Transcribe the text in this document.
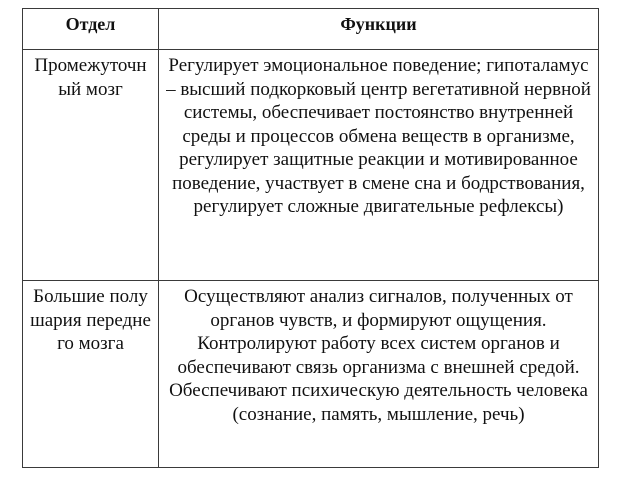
Отдел	Функции
Промежуточный мозг	Регулирует эмоциональное поведение; гипоталамус – высший подкорковый центр вегетативной нервной системы, обеспечивает постоянство внутренней среды и процессов обмена веществ в организме, регулирует защитные реакции и мотивированное поведение, участвует в смене сна и бодрствования, регулирует сложные двигательные рефлексы)
Большие полушария переднего мозга	Осуществляют анализ сигналов, полученных от органов чувств, и формируют ощущения. Контролируют работу всех систем органов и обеспечивают связь организма с внешней средой. Обеспечивают психическую деятельность человека (сознание, память, мышление, речь)
